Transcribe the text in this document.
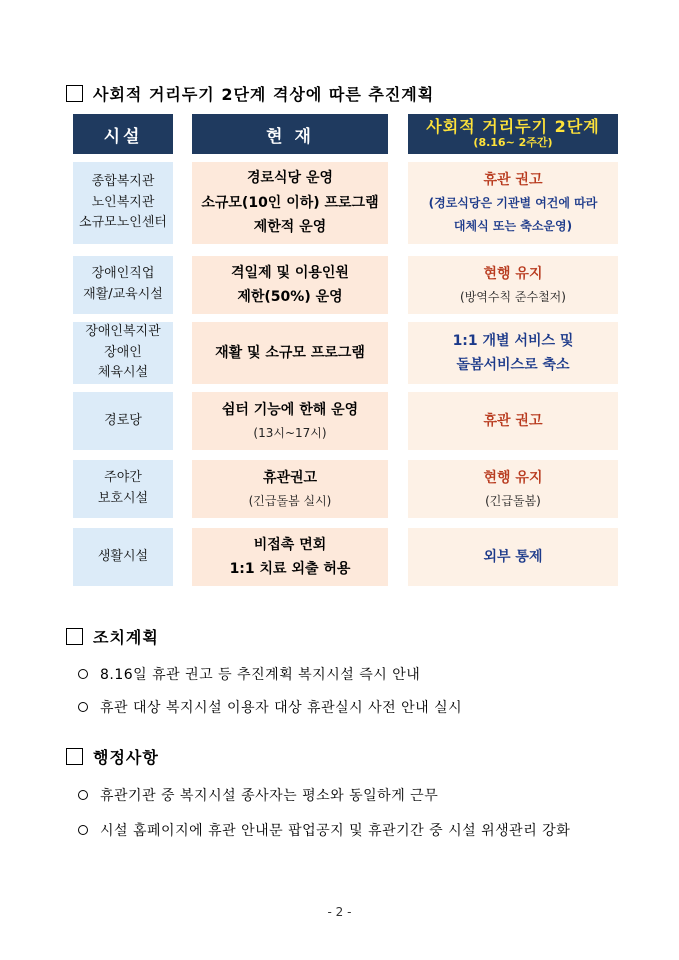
사회적 거리두기 2단계 격상에 따른 추진계획
시설	현 재	사회적 거리두기 2단계
(8.16~ 2주간)
종합복지관
노인복지관
소규모노인센터
경로식당 운영
소규모(10인 이하) 프로그램
제한적 운영
휴관 권고
(경로식당은 기관별 여건에 따라
대체식 또는 축소운영)
장애인직업
재활/교육시설
격일제 및 이용인원
제한(50%) 운영
현행 유지
(방역수칙 준수철저)
장애인복지관
장애인
체육시설
재활 및 소규모 프로그램
1:1 개별 서비스 및
돌봄서비스로 축소
경로당
쉼터 기능에 한해 운영
(13시~17시)
휴관 권고
주야간
보호시설
휴관권고
(긴급돌봄 실시)
현행 유지
(긴급돌봄)
생활시설
비접촉 면회
1:1 치료 외출 허용
외부 통제
조치계획
8.16일 휴관 권고 등 추진계획 복지시설 즉시 안내
휴관 대상 복지시설 이용자 대상 휴관실시 사전 안내 실시
행정사항
휴관기관 중 복지시설 종사자는 평소와 동일하게 근무
시설 홈페이지에 휴관 안내문 팝업공지 및 휴관기간 중 시설 위생관리 강화
- 2 -
